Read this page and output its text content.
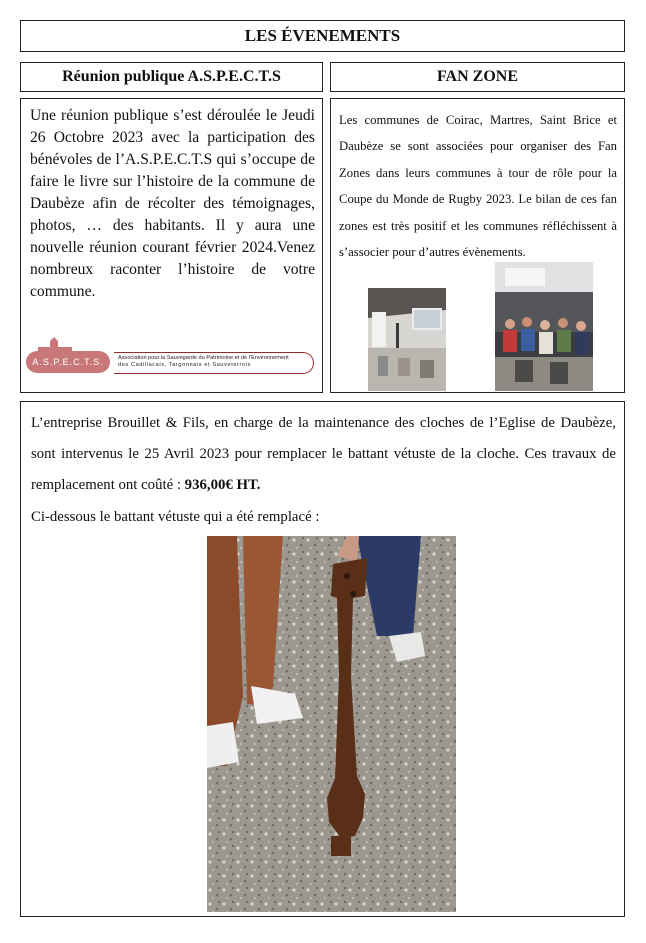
LES ÉVENEMENTS
Réunion publique A.S.P.E.C.T.S	FAN ZONE

Une réunion publique s’est déroulée le Jeudi 26 Octobre 2023 avec la participation des bénévoles de l’A.S.P.E.C.T.S qui s’occupe de faire le livre sur l’histoire de la commune de Daubèze afin de récolter des témoignages, photos, … des habitants. Il y aura une nouvelle réunion courant février 2024.Venez nombreux raconter l’histoire de votre commune.

A.S.P.E.C.T.S.	Association pour la Sauvegarde du Patrimoine et de l’Environnement
des Cadillacais, Targonnais et Sauveterrois

Les communes de Coirac, Martres, Saint Brice et Daubèze se sont associées pour organiser des Fan Zones dans leurs communes à tour de rôle pour la Coupe du Monde de Rugby 2023. Le bilan de ces fan zones est très positif et les communes réfléchissent à s’associer pour d’autres évènements.

L’entreprise Brouillet & Fils, en charge de la maintenance des cloches de l’Eglise de Daubèze, sont intervenus le 25 Avril 2023 pour remplacer le battant vétuste de la cloche. Ces travaux de remplacement ont coûté : 936,00€ HT.

Ci-dessous le battant vétuste qui a été remplacé :
